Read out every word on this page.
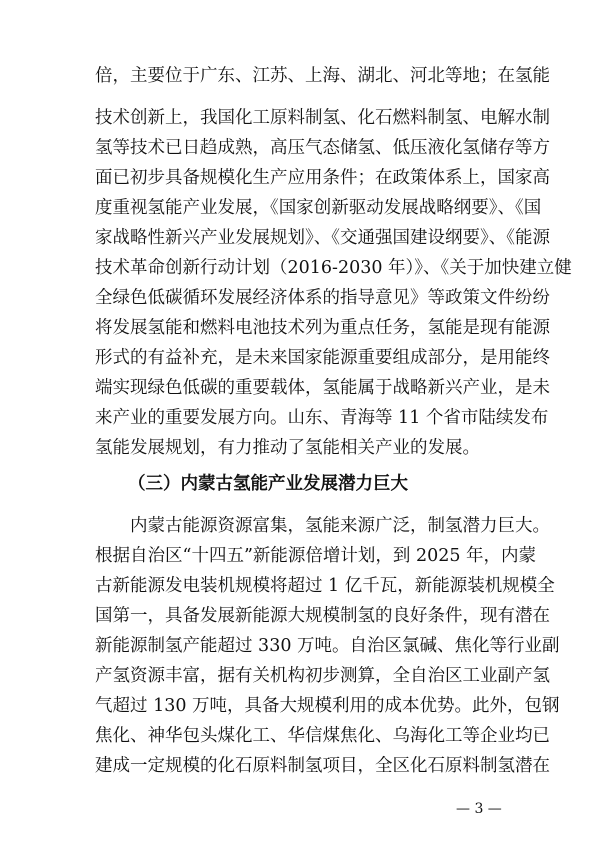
倍，主要位于广东、江苏、上海、湖北、河北等地；在氢能
技术创新上，我国化工原料制氢、化石燃料制氢、电解水制
氢等技术已日趋成熟，高压气态储氢、低压液化氢储存等方
面已初步具备规模化生产应用条件；在政策体系上，国家高
度重视氢能产业发展，《国家创新驱动发展战略纲要》、《国
家战略性新兴产业发展规划》、《交通强国建设纲要》、《能源
技术革命创新行动计划（2016-2030 年）》、《关于加快建立健
全绿色低碳循环发展经济体系的指导意见》等政策文件纷纷
将发展氢能和燃料电池技术列为重点任务，氢能是现有能源
形式的有益补充，是未来国家能源重要组成部分，是用能终
端实现绿色低碳的重要载体，氢能属于战略新兴产业，是未
来产业的重要发展方向。山东、青海等 11 个省市陆续发布
氢能发展规划，有力推动了氢能相关产业的发展。
（三）内蒙古氢能产业发展潜力巨大
　　内蒙古能源资源富集，氢能来源广泛，制氢潜力巨大。
根据自治区“十四五”新能源倍增计划，到 2025 年，内蒙
古新能源发电装机规模将超过 1 亿千瓦，新能源装机规模全
国第一，具备发展新能源大规模制氢的良好条件，现有潜在
新能源制氢产能超过 330 万吨。自治区氯碱、焦化等行业副
产氢资源丰富，据有关机构初步测算，全自治区工业副产氢
气超过 130 万吨，具备大规模利用的成本优势。此外，包钢
焦化、神华包头煤化工、华信煤焦化、乌海化工等企业均已
建成一定规模的化石原料制氢项目，全区化石原料制氢潜在
— 3 —
